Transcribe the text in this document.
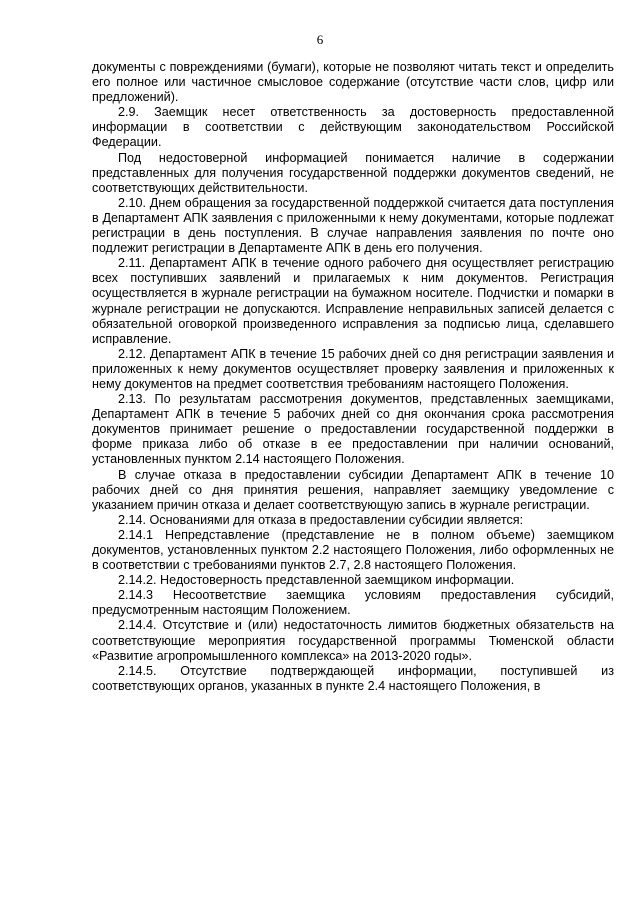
6

документы с повреждениями (бумаги), которые не позволяют читать текст и определить его полное или частичное смысловое содержание (отсутствие части слов, цифр или предложений).

2.9. Заемщик несет ответственность за достоверность предоставленной информации в соответствии с действующим законодательством Российской Федерации.

Под недостоверной информацией понимается наличие в содержании представленных для получения государственной поддержки документов сведений, не соответствующих действительности.

2.10. Днем обращения за государственной поддержкой считается дата поступления в Департамент АПК заявления с приложенными к нему документами, которые подлежат регистрации в день поступления. В случае направления заявления по почте оно подлежит регистрации в Департаменте АПК в день его получения.

2.11. Департамент АПК в течение одного рабочего дня осуществляет регистрацию всех поступивших заявлений и прилагаемых к ним документов. Регистрация осуществляется в журнале регистрации на бумажном носителе. Подчистки и помарки в журнале регистрации не допускаются. Исправление неправильных записей делается с обязательной оговоркой произведенного исправления за подписью лица, сделавшего исправление.

2.12. Департамент АПК в течение 15 рабочих дней со дня регистрации заявления и приложенных к нему документов осуществляет проверку заявления и приложенных к нему документов на предмет соответствия требованиям настоящего Положения.

2.13. По результатам рассмотрения документов, представленных заемщиками, Департамент АПК в течение 5 рабочих дней со дня окончания срока рассмотрения документов принимает решение о предоставлении государственной поддержки в форме приказа либо об отказе в ее предоставлении при наличии оснований, установленных пунктом 2.14 настоящего Положения.

В случае отказа в предоставлении субсидии Департамент АПК в течение 10 рабочих дней со дня принятия решения, направляет заемщику уведомление с указанием причин отказа и делает соответствующую запись в журнале регистрации.

2.14. Основаниями для отказа в предоставлении субсидии является:

2.14.1 Непредставление (представление не в полном объеме) заемщиком документов, установленных пунктом 2.2 настоящего Положения, либо оформленных не в соответствии с требованиями пунктов 2.7, 2.8 настоящего Положения.

2.14.2. Недостоверность представленной заемщиком информации.

2.14.3 Несоответствие заемщика условиям предоставления субсидий, предусмотренным настоящим Положением.

2.14.4. Отсутствие и (или) недостаточность лимитов бюджетных обязательств на соответствующие мероприятия государственной программы Тюменской области «Развитие агропромышленного комплекса» на 2013-2020 годы».

2.14.5. Отсутствие подтверждающей информации, поступившей из соответствующих органов, указанных в пункте 2.4 настоящего Положения, в
